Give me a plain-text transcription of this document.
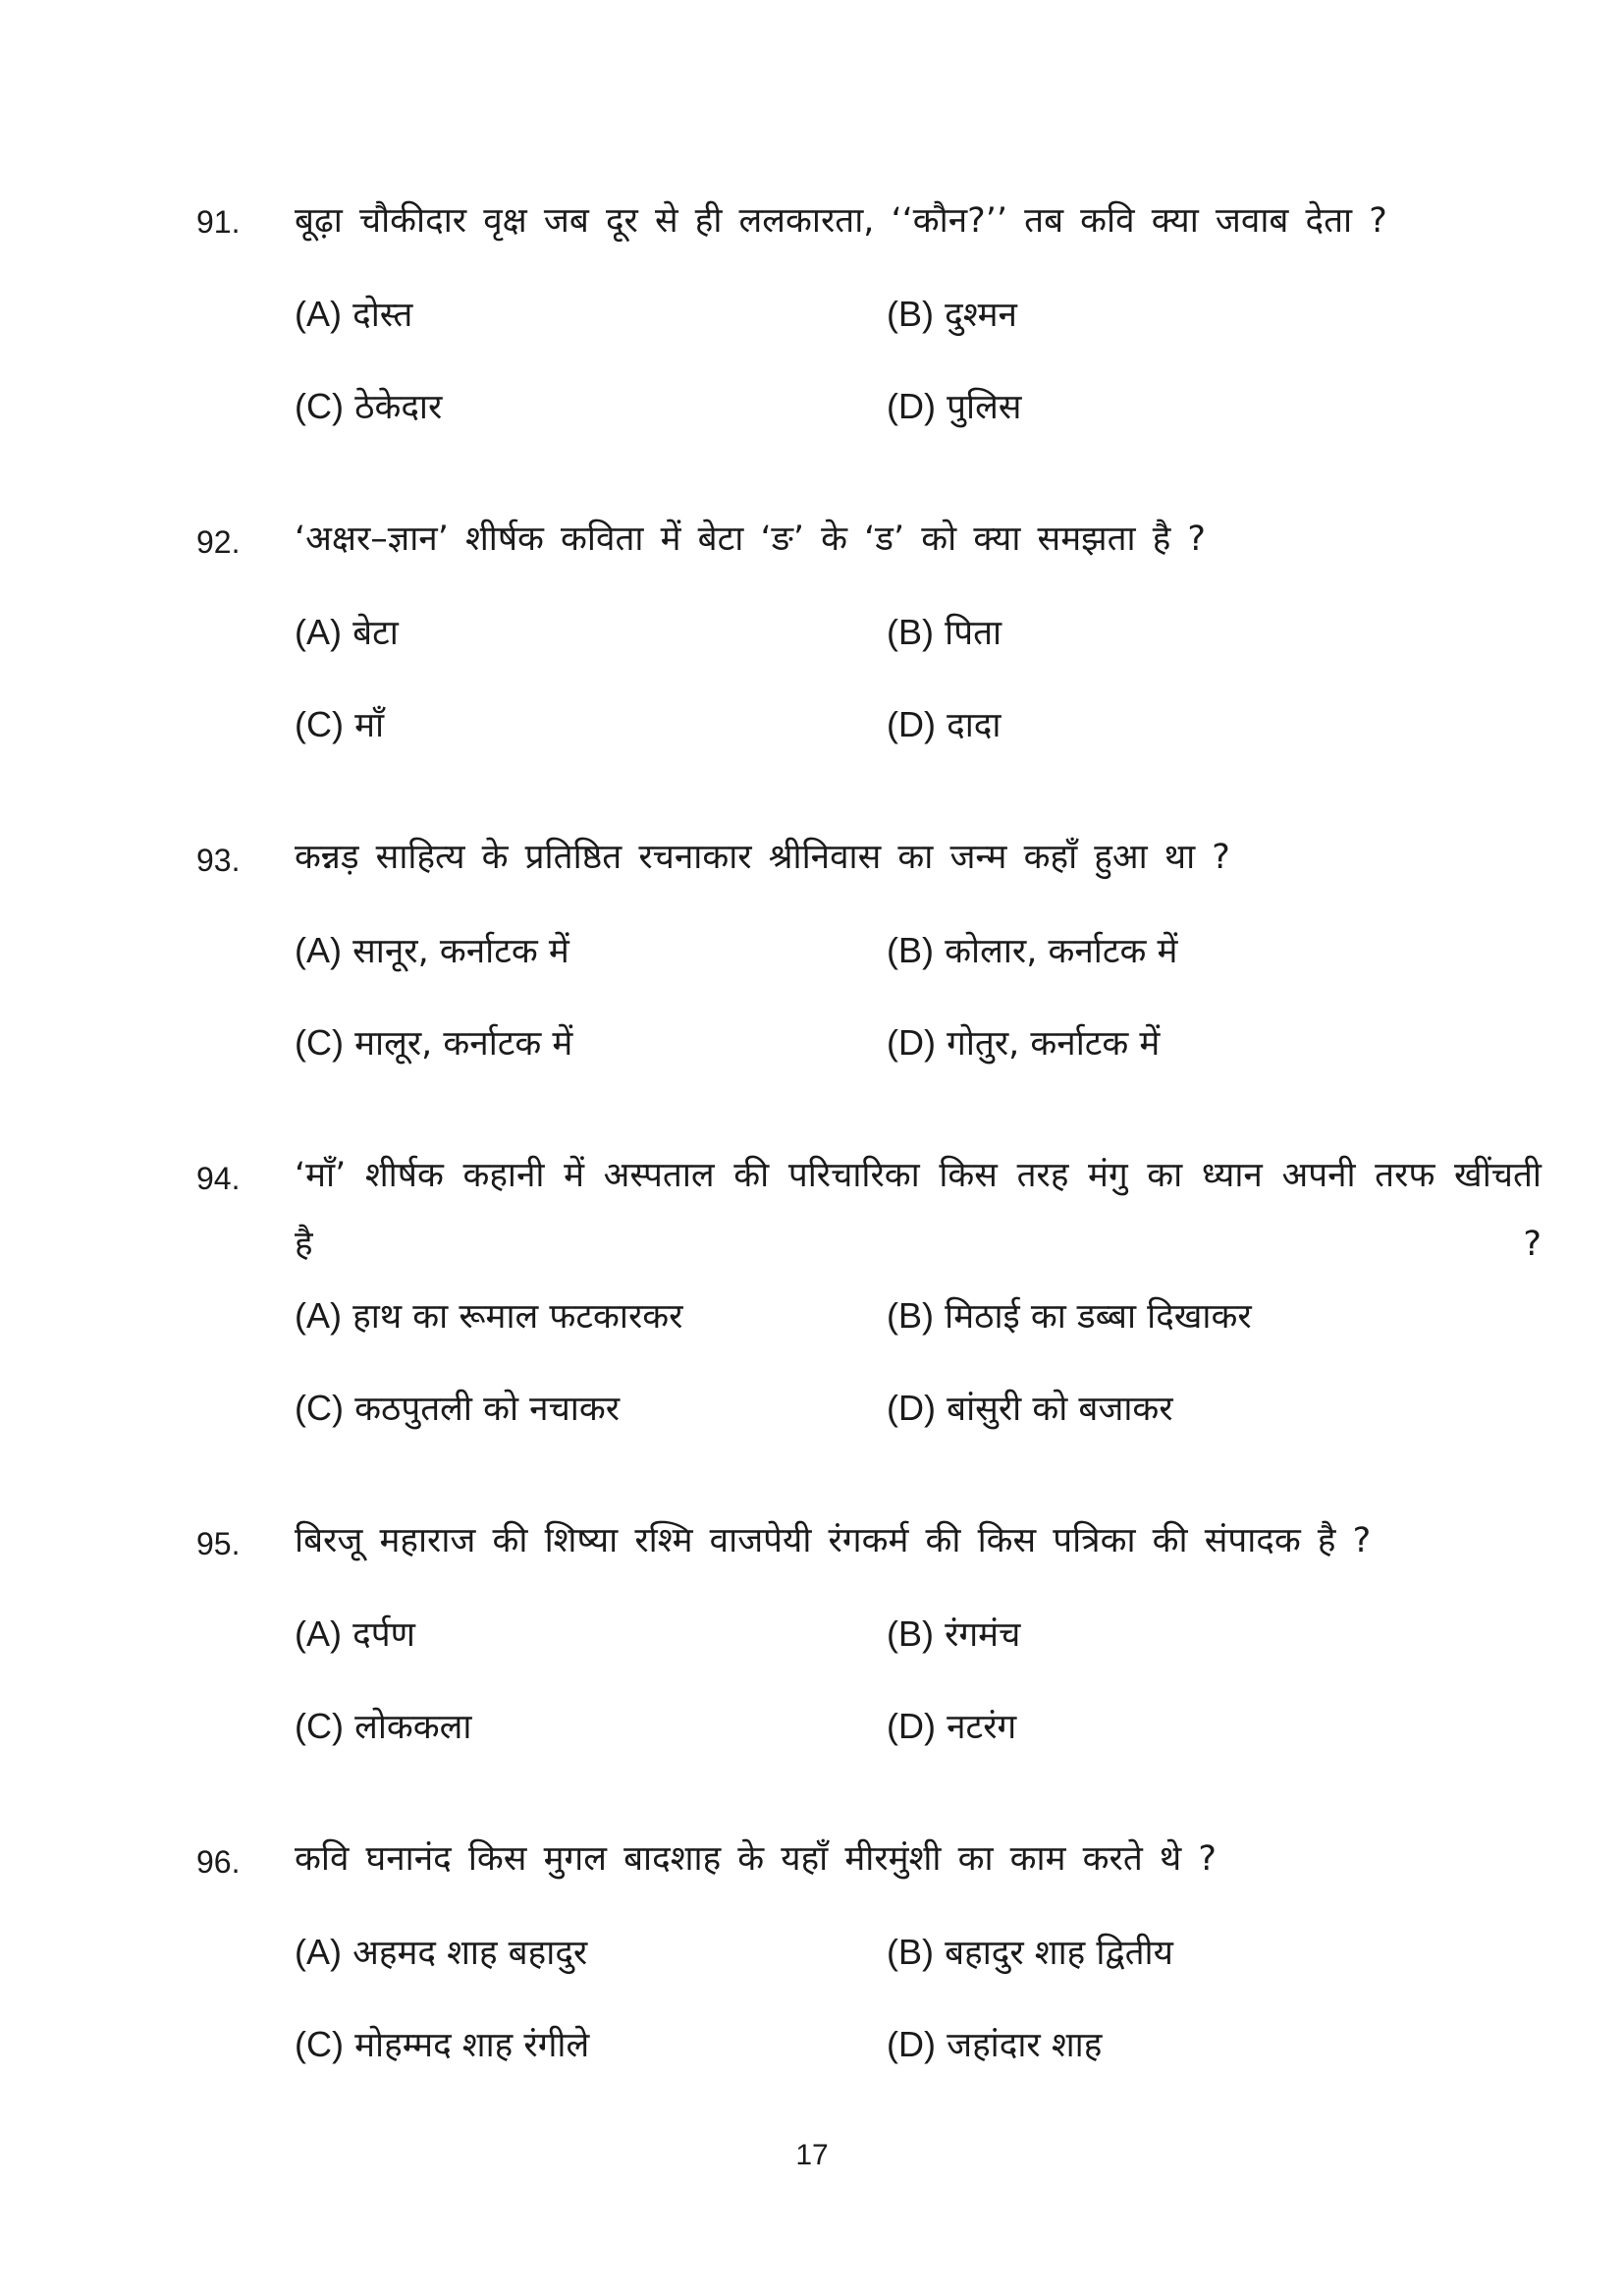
91. बूढ़ा चौकीदार वृक्ष जब दूर से ही ललकारता, ‘‘कौन?’’ तब कवि क्या जवाब देता ?
(A) दोस्त	(B) दुश्मन
(C) ठेकेदार	(D) पुलिस
92. ‘अक्षर–ज्ञान’ शीर्षक कविता में बेटा ‘ङ’ के ‘ड’ को क्या समझता है ?
(A) बेटा	(B) पिता
(C) माँ	(D) दादा
93. कन्नड़ साहित्य के प्रतिष्ठित रचनाकार श्रीनिवास का जन्म कहाँ हुआ था ?
(A) सानूर, कर्नाटक में	(B) कोलार, कर्नाटक में
(C) मालूर, कर्नाटक में	(D) गोतुर, कर्नाटक में
94. ‘माँ’ शीर्षक कहानी में अस्पताल की परिचारिका किस तरह मंगु का ध्यान अपनी तरफ खींचती है ?
(A) हाथ का रूमाल फटकारकर	(B) मिठाई का डब्बा दिखाकर
(C) कठपुतली को नचाकर	(D) बांसुरी को बजाकर
95. बिरजू महाराज की शिष्या रश्मि वाजपेयी रंगकर्म की किस पत्रिका की संपादक है ?
(A) दर्पण	(B) रंगमंच
(C) लोककला	(D) नटरंग
96. कवि घनानंद किस मुगल बादशाह के यहाँ मीरमुंशी का काम करते थे ?
(A) अहमद शाह बहादुर	(B) बहादुर शाह द्वितीय
(C) मोहम्मद शाह रंगीले	(D) जहांदार शाह
17
